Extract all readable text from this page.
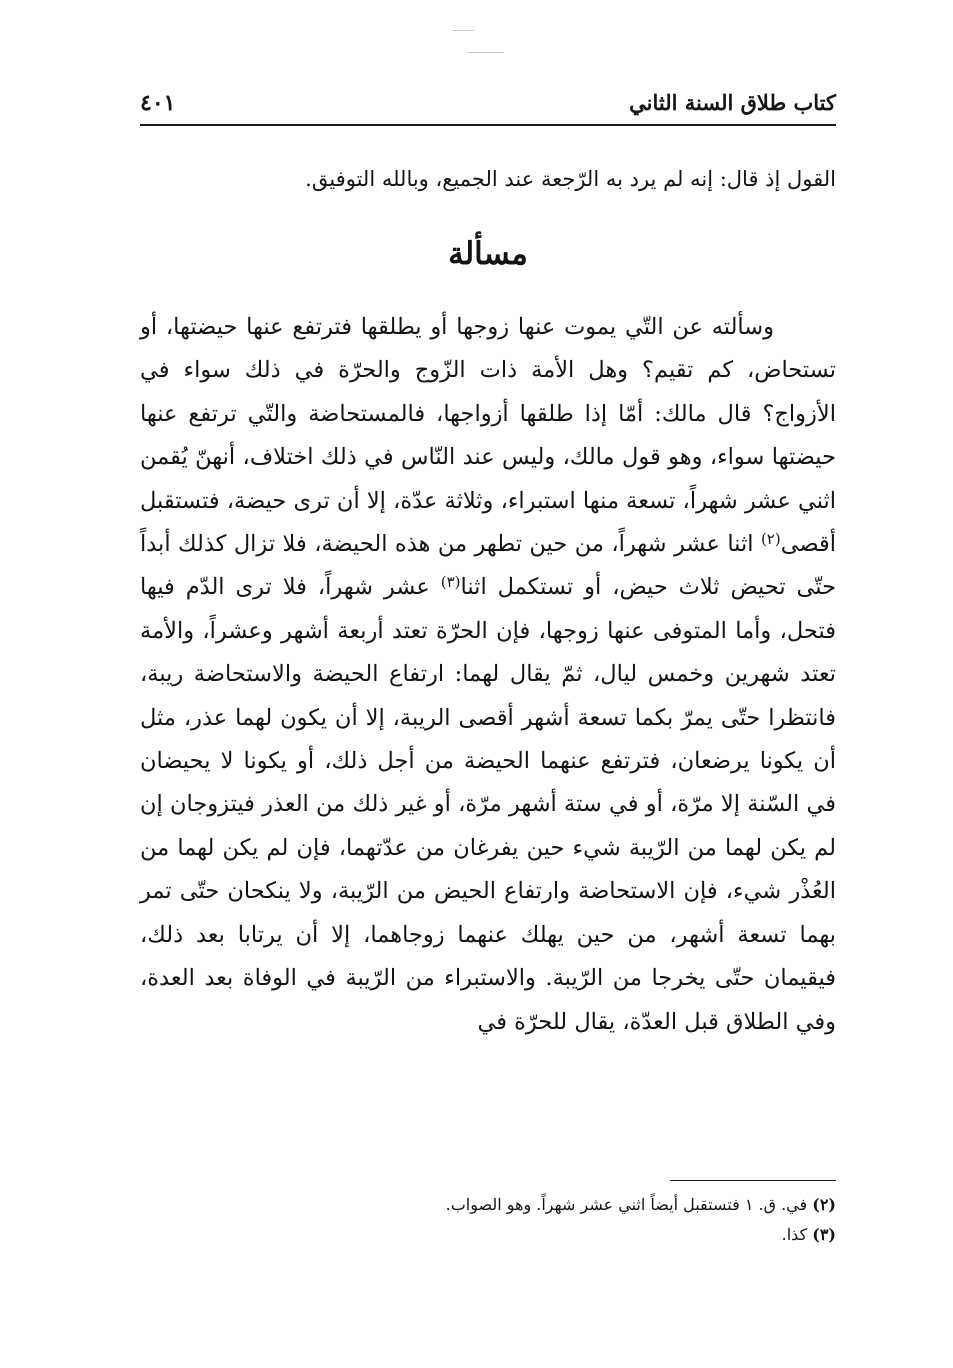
كتاب طلاق السنة الثاني
٤٠١
القول إذ قال: إنه لم يرد به الرّجعة عند الجميع، وبالله التوفيق.
مسألة
وسألته عن التّي يموت عنها زوجها أو يطلقها فترتفع عنها حيضتها، أو تستحاض، كم تقيم؟ وهل الأمة ذات الزّوج والحرّة في ذلك سواء في الأزواج؟ قال مالك: أمّا إذا طلقها أزواجها، فالمستحاضة والتّي ترتفع عنها حيضتها سواء، وهو قول مالك، وليس عند النّاس في ذلك اختلاف، أنهنّ يُقمن اثني عشر شهراً، تسعة منها استبراء، وثلاثة عدّة، إلا أن ترى حيضة، فتستقبل أقصى$^{(٢)}$ اثنا عشر شهراً، من حين تطهر من هذه الحيضة، فلا تزال كذلك أبداً حتّى تحيض ثلاث حيض، أو تستكمل اثنا$^{(٣)}$ عشر شهراً، فلا ترى الدّم فيها فتحل، وأما المتوفى عنها زوجها، فإن الحرّة تعتد أربعة أشهر وعشراً، والأمة تعتد شهرين وخمس ليال، ثمّ يقال لهما: ارتفاع الحيضة والاستحاضة ريبة، فانتظرا حتّى يمرّ بكما تسعة أشهر أقصى الريبة، إلا أن يكون لهما عذر، مثل أن يكونا يرضعان، فترتفع عنهما الحيضة من أجل ذلك، أو يكونا لا يحيضان في السّنة إلا مرّة، أو في ستة أشهر مرّة، أو غير ذلك من العذر فيتزوجان إن لم يكن لهما من الرّيبة شيء حين يفرغان من عدّتهما، فإن لم يكن لهما من العُذْر شيء، فإن الاستحاضة وارتفاع الحيض من الرّيبة، ولا ينكحان حتّى تمر بهما تسعة أشهر، من حين يهلك عنهما زوجاهما، إلا أن يرتابا بعد ذلك، فيقيمان حتّى يخرجا من الرّيبة. والاستبراء من الرّيبة في الوفاة بعد العدة، وفي الطلاق قبل العدّة، يقال للحرّة في
(٢) في. ق. ١ فتستقبل أيضاً اثني عشر شهراً. وهو الصواب.
(٣) كذا.
